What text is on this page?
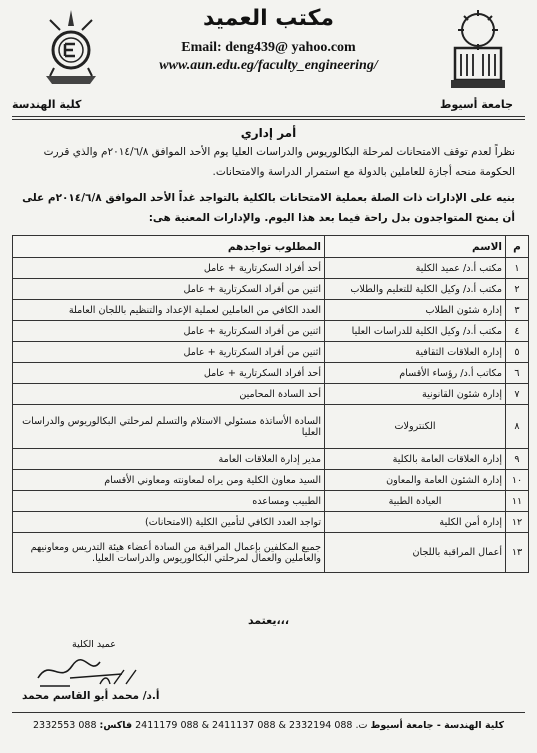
كلية الهندسة	جامعة أسيوط
مكتب العميد
Email: deng439@ yahoo.com
www.aun.edu.eg/faculty_engineering/
أمر إداري
نظراً لعدم توقف الامتحانات لمرحلة البكالوريوس والدراسات العليا يوم الأحد الموافق ٢٠١٤/٦/٨م والذي قررت الحكومة منحه أجازة للعاملين بالدولة مع استمرار الدراسة والامتحانات.
بنيه على الإدارات ذات الصلة بعملية الامتحانات بالكلية بالتواجد غداً الأحد الموافق ٢٠١٤/٦/٨م على أن يمنح المتواجدون بدل راحة فيما بعد هذا اليوم. والإدارات المعنية هى:
م	الاسم	المطلوب تواجدهم
١	مكتب أ.د/ عميد الكلية	أحد أفراد السكرتارية + عامل
٢	مكتب أ.د/ وكيل الكلية للتعليم والطلاب	اثنين من أفراد السكرتارية + عامل
٣	إدارة شئون الطلاب	العدد الكافي من العاملين لعملية الإعداد والتنظيم باللجان العاملة
٤	مكتب أ.د/ وكيل الكلية للدراسات العليا	اثنين من أفراد السكرتارية + عامل
٥	إدارة العلاقات الثقافية	اثنين من أفراد السكرتارية + عامل
٦	مكاتب أ.د/ رؤساء الأقسام	أحد أفراد السكرتارية + عامل
٧	إدارة شئون القانونية	أحد السادة المحامين
٨	الكنترولات	السادة الأساتذة مسئولي الاستلام والتسلم لمرحلتي البكالوريوس والدراسات العليا
٩	إدارة العلاقات العامة بالكلية	مدير إدارة العلاقات العامة
١٠	إدارة الشئون العامة والمعاون	السيد معاون الكلية ومن يراه لمعاونته ومعاوني الأقسام
١١	العيادة الطبية	الطبيب ومساعده
١٢	إدارة أمن الكلية	تواجد العدد الكافي لتأمين الكلية (الامتحانات)
١٣	أعمال المراقبة باللجان	جميع المكلفين بإعمال المراقبة من السادة أعضاء هيئة التدريس ومعاونيهم والعاملين والعمال لمرحلتي البكالوريوس والدراسات العليا.
يعتمد،،،
عميد الكلية
أ.د/ محمد أبو القاسم محمد
كلية الهندسة - جامعة أسيوط ت. 088 2332194 & 088 2411137 & 088 2411179 فاكس: 088 2332553
